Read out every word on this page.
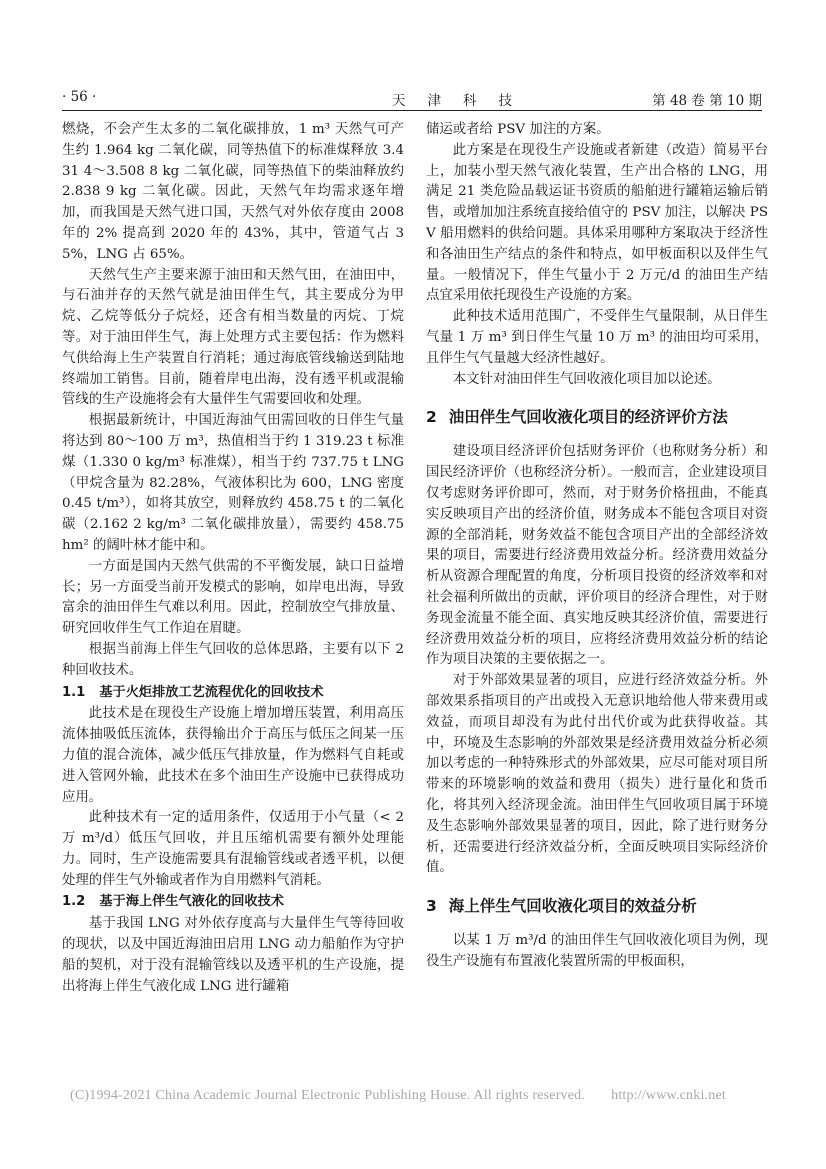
· 56 ·	天津科技	第 48 卷 第 10 期

燃烧，不会产生太多的二氧化碳排放，1 m³ 天然气可产生约 1.964 kg 二氧化碳，同等热值下的标准煤释放 3.431 4～3.508 8 kg 二氧化碳，同等热值下的柴油释放约 2.838 9 kg 二氧化碳。因此，天然气年均需求逐年增加，而我国是天然气进口国，天然气对外依存度由 2008 年的 2% 提高到 2020 年的 43%，其中，管道气占 35%，LNG 占 65%。

天然气生产主要来源于油田和天然气田，在油田中，与石油并存的天然气就是油田伴生气，其主要成分为甲烷、乙烷等低分子烷烃，还含有相当数量的丙烷、丁烷等。对于油田伴生气，海上处理方式主要包括：作为燃料气供给海上生产装置自行消耗；通过海底管线输送到陆地终端加工销售。目前，随着岸电出海，没有透平机或混输管线的生产设施将会有大量伴生气需要回收和处理。

根据最新统计，中国近海油气田需回收的日伴生气量将达到 80～100 万 m³，热值相当于约 1 319.23 t 标准煤（1.330 0 kg/m³ 标准煤），相当于约 737.75 t LNG（甲烷含量为 82.28%，气液体积比为 600，LNG 密度 0.45 t/m³），如将其放空，则释放约 458.75 t 的二氧化碳（2.162 2 kg/m³ 二氧化碳排放量），需要约 458.75 hm² 的阔叶林才能中和。

一方面是国内天然气供需的不平衡发展，缺口日益增长；另一方面受当前开发模式的影响，如岸电出海，导致富余的油田伴生气难以利用。因此，控制放空气排放量、研究回收伴生气工作迫在眉睫。

根据当前海上伴生气回收的总体思路，主要有以下 2 种回收技术。

1.1 基于火炬排放工艺流程优化的回收技术

此技术是在现役生产设施上增加增压装置，利用高压流体抽吸低压流体，获得输出介于高压与低压之间某一压力值的混合流体，减少低压气排放量，作为燃料气自耗或进入管网外输，此技术在多个油田生产设施中已获得成功应用。

此种技术有一定的适用条件，仅适用于小气量（< 2 万 m³/d）低压气回收，并且压缩机需要有额外处理能力。同时，生产设施需要具有混输管线或者透平机，以便处理的伴生气外输或者作为自用燃料气消耗。

1.2 基于海上伴生气液化的回收技术

基于我国 LNG 对外依存度高与大量伴生气等待回收的现状，以及中国近海油田启用 LNG 动力船舶作为守护船的契机，对于没有混输管线以及透平机的生产设施，提出将海上伴生气液化成 LNG 进行罐箱

储运或者给 PSV 加注的方案。

此方案是在现役生产设施或者新建（改造）简易平台上，加装小型天然气液化装置，生产出合格的 LNG，用满足 21 类危险品载运证书资质的船舶进行罐箱运输后销售，或增加加注系统直接给值守的 PSV 加注，以解决 PSV 船用燃料的供给问题。具体采用哪种方案取决于经济性和各油田生产结点的条件和特点，如甲板面积以及伴生气量。一般情况下，伴生气量小于 2 万元/d 的油田生产结点宜采用依托现役生产设施的方案。

此种技术适用范围广，不受伴生气量限制，从日伴生气量 1 万 m³ 到日伴生气量 10 万 m³ 的油田均可采用，且伴生气气量越大经济性越好。

本文针对油田伴生气回收液化项目加以论述。

2 油田伴生气回收液化项目的经济评价方法

建设项目经济评价包括财务评价（也称财务分析）和国民经济评价（也称经济分析）。一般而言，企业建设项目仅考虑财务评价即可，然而，对于财务价格扭曲，不能真实反映项目产出的经济价值，财务成本不能包含项目对资源的全部消耗，财务效益不能包含项目产出的全部经济效果的项目，需要进行经济费用效益分析。经济费用效益分析从资源合理配置的角度，分析项目投资的经济效率和对社会福利所做出的贡献，评价项目的经济合理性，对于财务现金流量不能全面、真实地反映其经济价值，需要进行经济费用效益分析的项目，应将经济费用效益分析的结论作为项目决策的主要依据之一。

对于外部效果显著的项目，应进行经济效益分析。外部效果系指项目的产出或投入无意识地给他人带来费用或效益，而项目却没有为此付出代价或为此获得收益。其中，环境及生态影响的外部效果是经济费用效益分析必须加以考虑的一种特殊形式的外部效果，应尽可能对项目所带来的环境影响的效益和费用（损失）进行量化和货币化，将其列入经济现金流。油田伴生气回收项目属于环境及生态影响外部效果显著的项目，因此，除了进行财务分析，还需要进行经济效益分析，全面反映项目实际经济价值。

3 海上伴生气回收液化项目的效益分析

以某 1 万 m³/d 的油田伴生气回收液化项目为例，现役生产设施有布置液化装置所需的甲板面积，

(C)1994-2021 China Academic Journal Electronic Publishing House. All rights reserved. http://www.cnki.net
